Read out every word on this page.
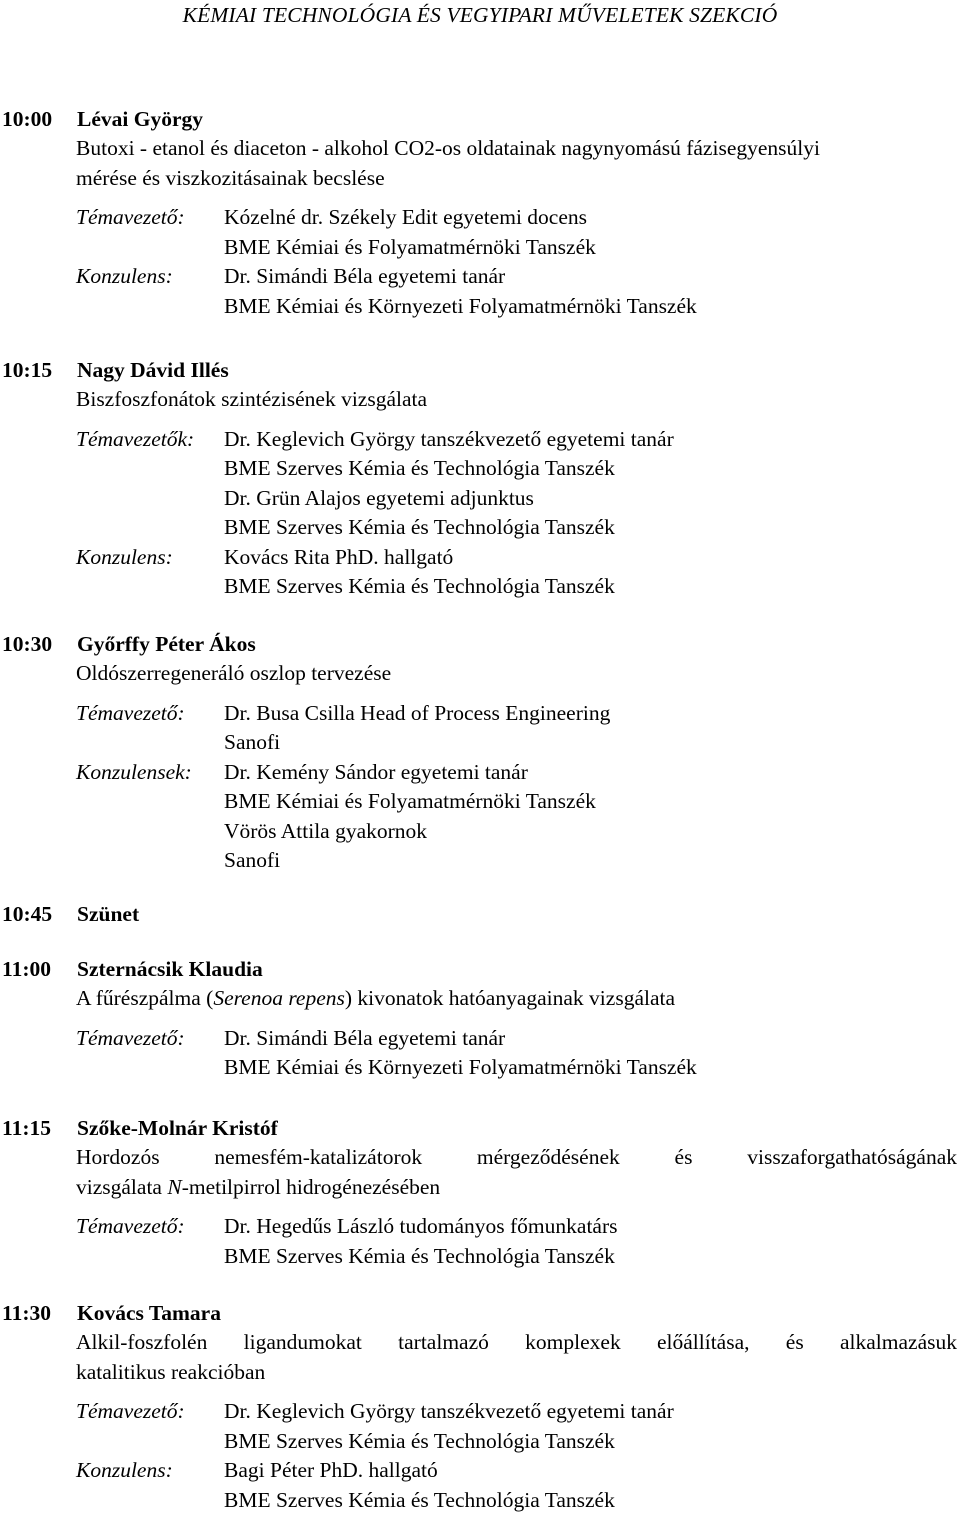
KÉMIAI TECHNOLÓGIA ÉS VEGYIPARI MŰVELETEK SZEKCIÓ
10:00 Lévai György
Butoxi - etanol és diaceton - alkohol CO2-os oldatainak nagynyomású fázisegyensúlyi
mérése és viszkozitásainak becslése
Témavezető: Kózelné dr. Székely Edit egyetemi docens
BME Kémiai és Folyamatmérnöki Tanszék
Konzulens: Dr. Simándi Béla egyetemi tanár
BME Kémiai és Környezeti Folyamatmérnöki Tanszék
10:15 Nagy Dávid Illés
Biszfoszfonátok szintézisének vizsgálata
Témavezetők: Dr. Keglevich György tanszékvezető egyetemi tanár
BME Szerves Kémia és Technológia Tanszék
Dr. Grün Alajos egyetemi adjunktus
BME Szerves Kémia és Technológia Tanszék
Konzulens: Kovács Rita PhD. hallgató
BME Szerves Kémia és Technológia Tanszék
10:30 Győrffy Péter Ákos
Oldószerregeneráló oszlop tervezése
Témavezető: Dr. Busa Csilla Head of Process Engineering
Sanofi
Konzulensek: Dr. Kemény Sándor egyetemi tanár
BME Kémiai és Folyamatmérnöki Tanszék
Vörös Attila gyakornok
Sanofi
10:45 Szünet
11:00 Szternácsik Klaudia
A fűrészpálma (Serenoa repens) kivonatok hatóanyagainak vizsgálata
Témavezető: Dr. Simándi Béla egyetemi tanár
BME Kémiai és Környezeti Folyamatmérnöki Tanszék
11:15 Szőke-Molnár Kristóf
Hordozós nemesfém-katalizátorok mérgeződésének és visszaforgathatóságának
vizsgálata N-metilpirrol hidrogénezésében
Témavezető: Dr. Hegedűs László tudományos főmunkatárs
BME Szerves Kémia és Technológia Tanszék
11:30 Kovács Tamara
Alkil-foszfolén ligandumokat tartalmazó komplexek előállítása, és alkalmazásuk
katalitikus reakcióban
Témavezető: Dr. Keglevich György tanszékvezető egyetemi tanár
BME Szerves Kémia és Technológia Tanszék
Konzulens: Bagi Péter PhD. hallgató
BME Szerves Kémia és Technológia Tanszék
